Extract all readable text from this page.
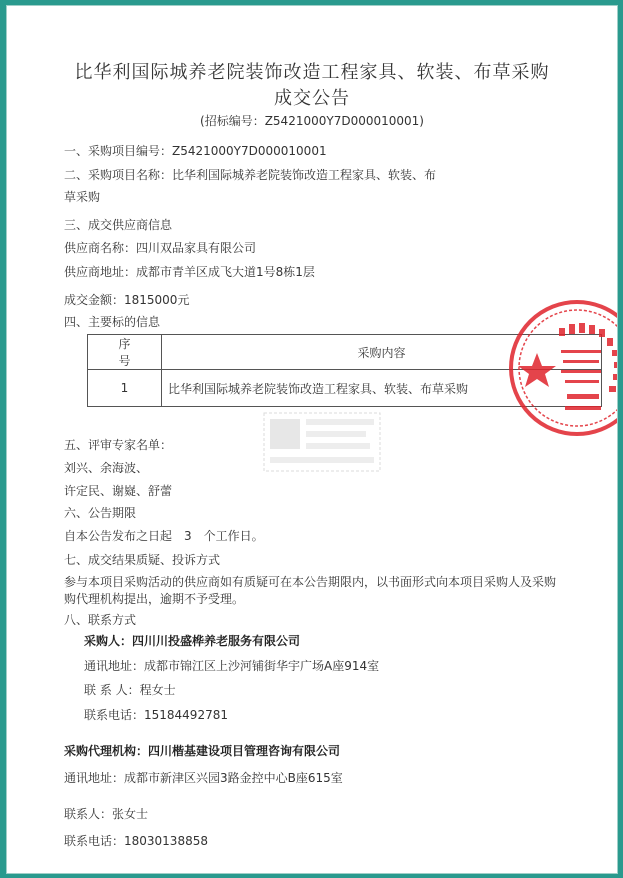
比华利国际城养老院装饰改造工程家具、软装、布草采购
成交公告
(招标编号：Z5421000Y7D000010001)
一、采购项目编号：Z5421000Y7D000010001
二、采购项目名称：比华利国际城养老院装饰改造工程家具、软装、布
草采购
三、成交供应商信息
供应商名称：四川双品家具有限公司
供应商地址：成都市青羊区成飞大道1号8栋1层
成交金额：1815000元
四、主要标的信息
序
号	采购内容
1	比华利国际城养老院装饰改造工程家具、软装、布草采购
五、评审专家名单：
刘兴、余海波、
许定民、谢嶷、舒蕾
六、公告期限
自本公告发布之日起　3　个工作日。
七、成交结果质疑、投诉方式
参与本项目采购活动的供应商如有质疑可在本公告期限内，以书面形式向本项目采购人及采购
购代理机构提出，逾期不予受理。
八、联系方式
采购人：四川川投盛桦养老服务有限公司
通讯地址：成都市锦江区上沙河铺街华宇广场A座914室
联 系 人：程女士
联系电话：15184492781
采购代理机构：四川楷基建设项目管理咨询有限公司
通讯地址：成都市新津区兴园3路金控中心B座615室
联系人：张女士
联系电话：18030138858
